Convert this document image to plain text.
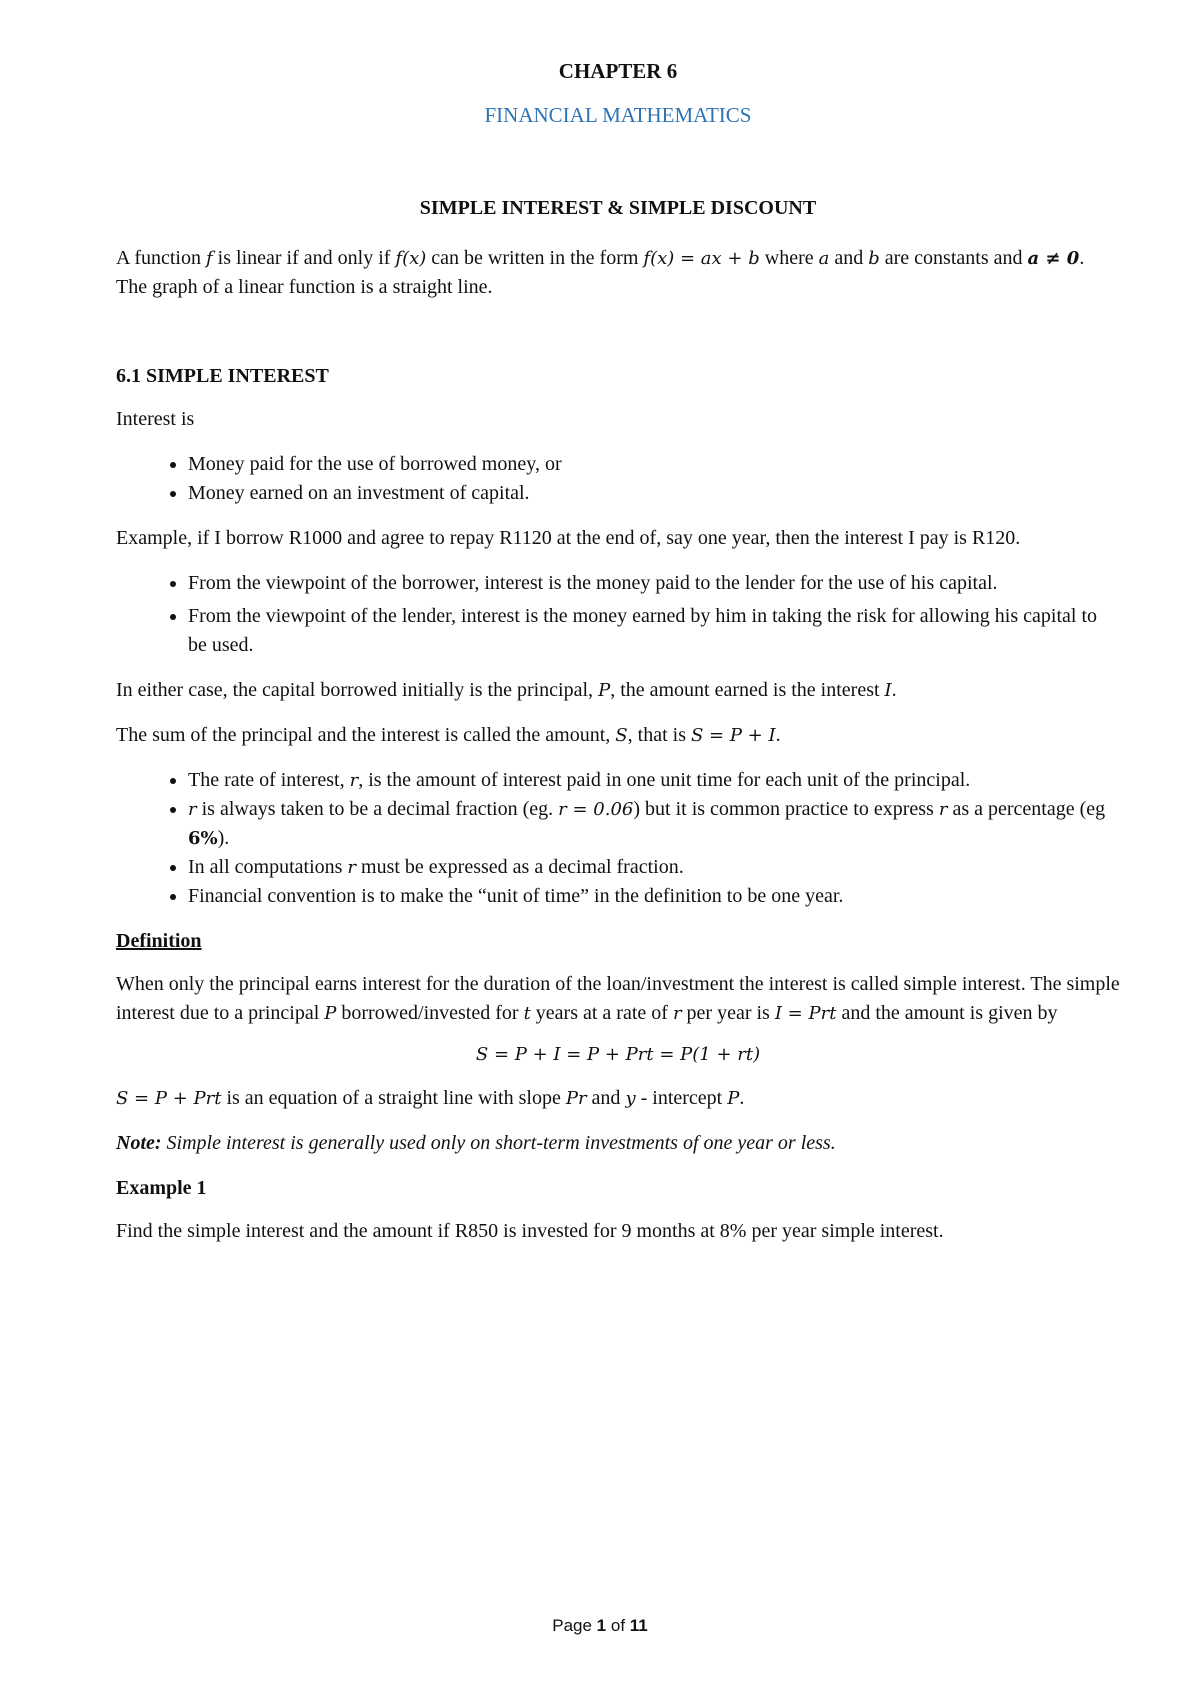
CHAPTER 6
FINANCIAL MATHEMATICS
SIMPLE INTEREST & SIMPLE DISCOUNT

A function f is linear if and only if f(x) can be written in the form f(x) = ax + b where a and b are constants and a ≠ 0. The graph of a linear function is a straight line.

6.1 SIMPLE INTEREST

Interest is

• Money paid for the use of borrowed money, or
• Money earned on an investment of capital.

Example, if I borrow R1000 and agree to repay R1120 at the end of, say one year, then the interest I pay is R120.

• From the viewpoint of the borrower, interest is the money paid to the lender for the use of his capital.
• From the viewpoint of the lender, interest is the money earned by him in taking the risk for allowing his capital to be used.

In either case, the capital borrowed initially is the principal, P, the amount earned is the interest I.

The sum of the principal and the interest is called the amount, S, that is S = P + I.

• The rate of interest, r, is the amount of interest paid in one unit time for each unit of the principal.
• r is always taken to be a decimal fraction (eg. r = 0.06) but it is common practice to express r as a percentage (eg 6%).
• In all computations r must be expressed as a decimal fraction.
• Financial convention is to make the “unit of time” in the definition to be one year.
Definition

When only the principal earns interest for the duration of the loan/investment the interest is called simple interest. The simple interest due to a principal P borrowed/invested for t years at a rate of r per year is I = Prt and the amount is given by

S = P + I = P + Prt = P(1 + rt)

S = P + Prt is an equation of a straight line with slope Pr and y - intercept P.

Note: Simple interest is generally used only on short-term investments of one year or less.

Example 1

Find the simple interest and the amount if R850 is invested for 9 months at 8% per year simple interest.

Page 1 of 11
